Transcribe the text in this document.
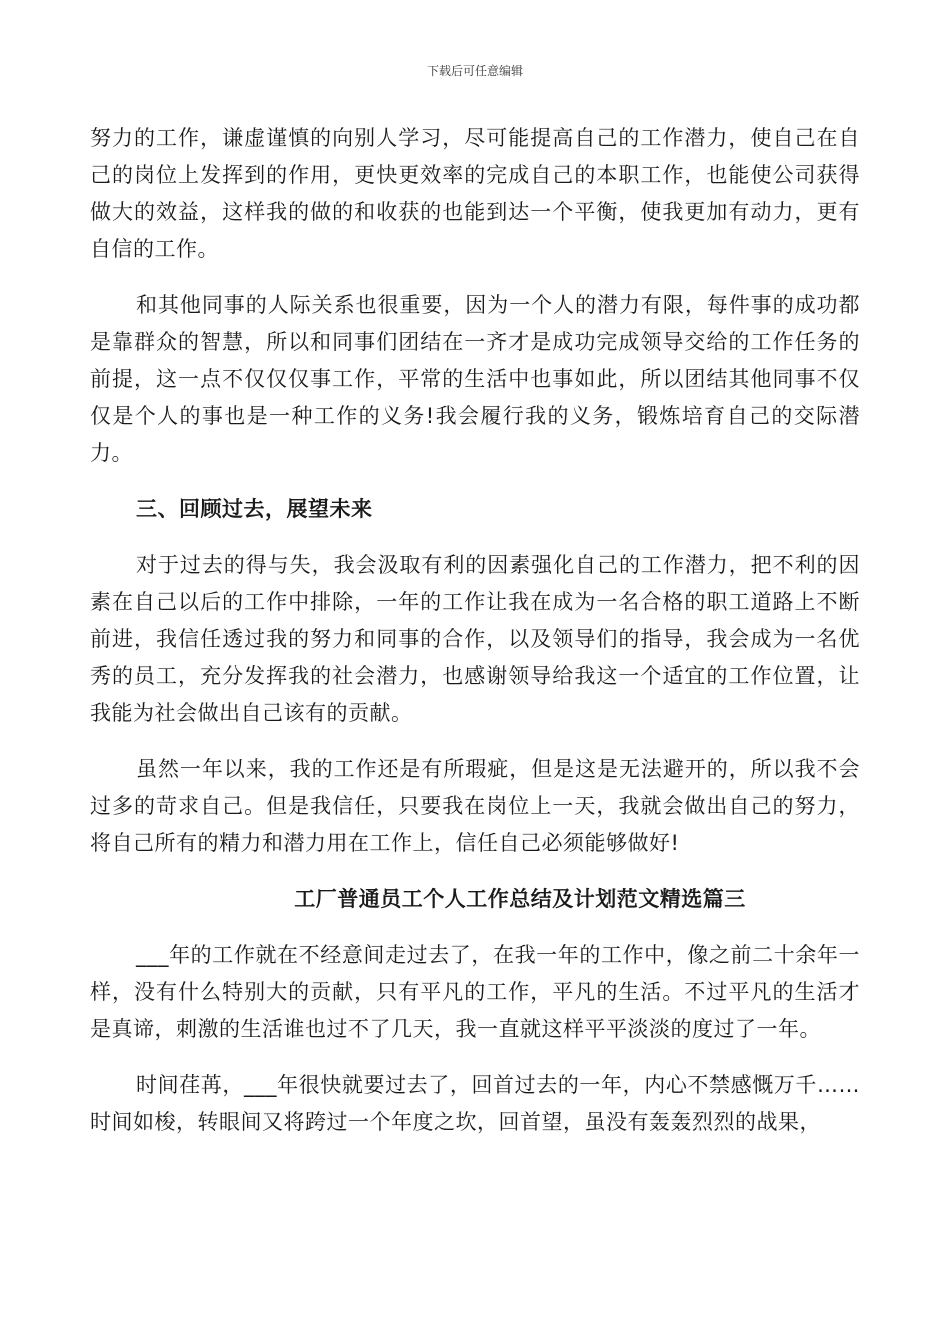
下载后可任意编辑

努力的工作，谦虚谨慎的向别人学习，尽可能提高自己的工作潜力，使自己在自己的岗位上发挥到的作用，更快更效率的完成自己的本职工作，也能使公司获得做大的效益，这样我的做的和收获的也能到达一个平衡，使我更加有动力，更有自信的工作。

和其他同事的人际关系也很重要，因为一个人的潜力有限，每件事的成功都是靠群众的智慧，所以和同事们团结在一齐才是成功完成领导交给的工作任务的前提，这一点不仅仅仅事工作，平常的生活中也事如此，所以团结其他同事不仅仅是个人的事也是一种工作的义务!我会履行我的义务，锻炼培育自己的交际潜力。

三、回顾过去，展望未来

对于过去的得与失，我会汲取有利的因素强化自己的工作潜力，把不利的因素在自己以后的工作中排除，一年的工作让我在成为一名合格的职工道路上不断前进，我信任透过我的努力和同事的合作，以及领导们的指导，我会成为一名优秀的员工，充分发挥我的社会潜力，也感谢领导给我这一个适宜的工作位置，让我能为社会做出自己该有的贡献。

虽然一年以来，我的工作还是有所瑕疵，但是这是无法避开的，所以我不会过多的苛求自己。但是我信任，只要我在岗位上一天，我就会做出自己的努力，将自己所有的精力和潜力用在工作上，信任自己必须能够做好!

工厂普通员工个人工作总结及计划范文精选篇三

___年的工作就在不经意间走过去了，在我一年的工作中，像之前二十余年一样，没有什么特别大的贡献，只有平凡的工作，平凡的生活。不过平凡的生活才是真谛，刺激的生活谁也过不了几天，我一直就这样平平淡淡的度过了一年。

时间荏苒，___年很快就要过去了，回首过去的一年，内心不禁感慨万千……时间如梭，转眼间又将跨过一个年度之坎，回首望，虽没有轰轰烈烈的战果，
